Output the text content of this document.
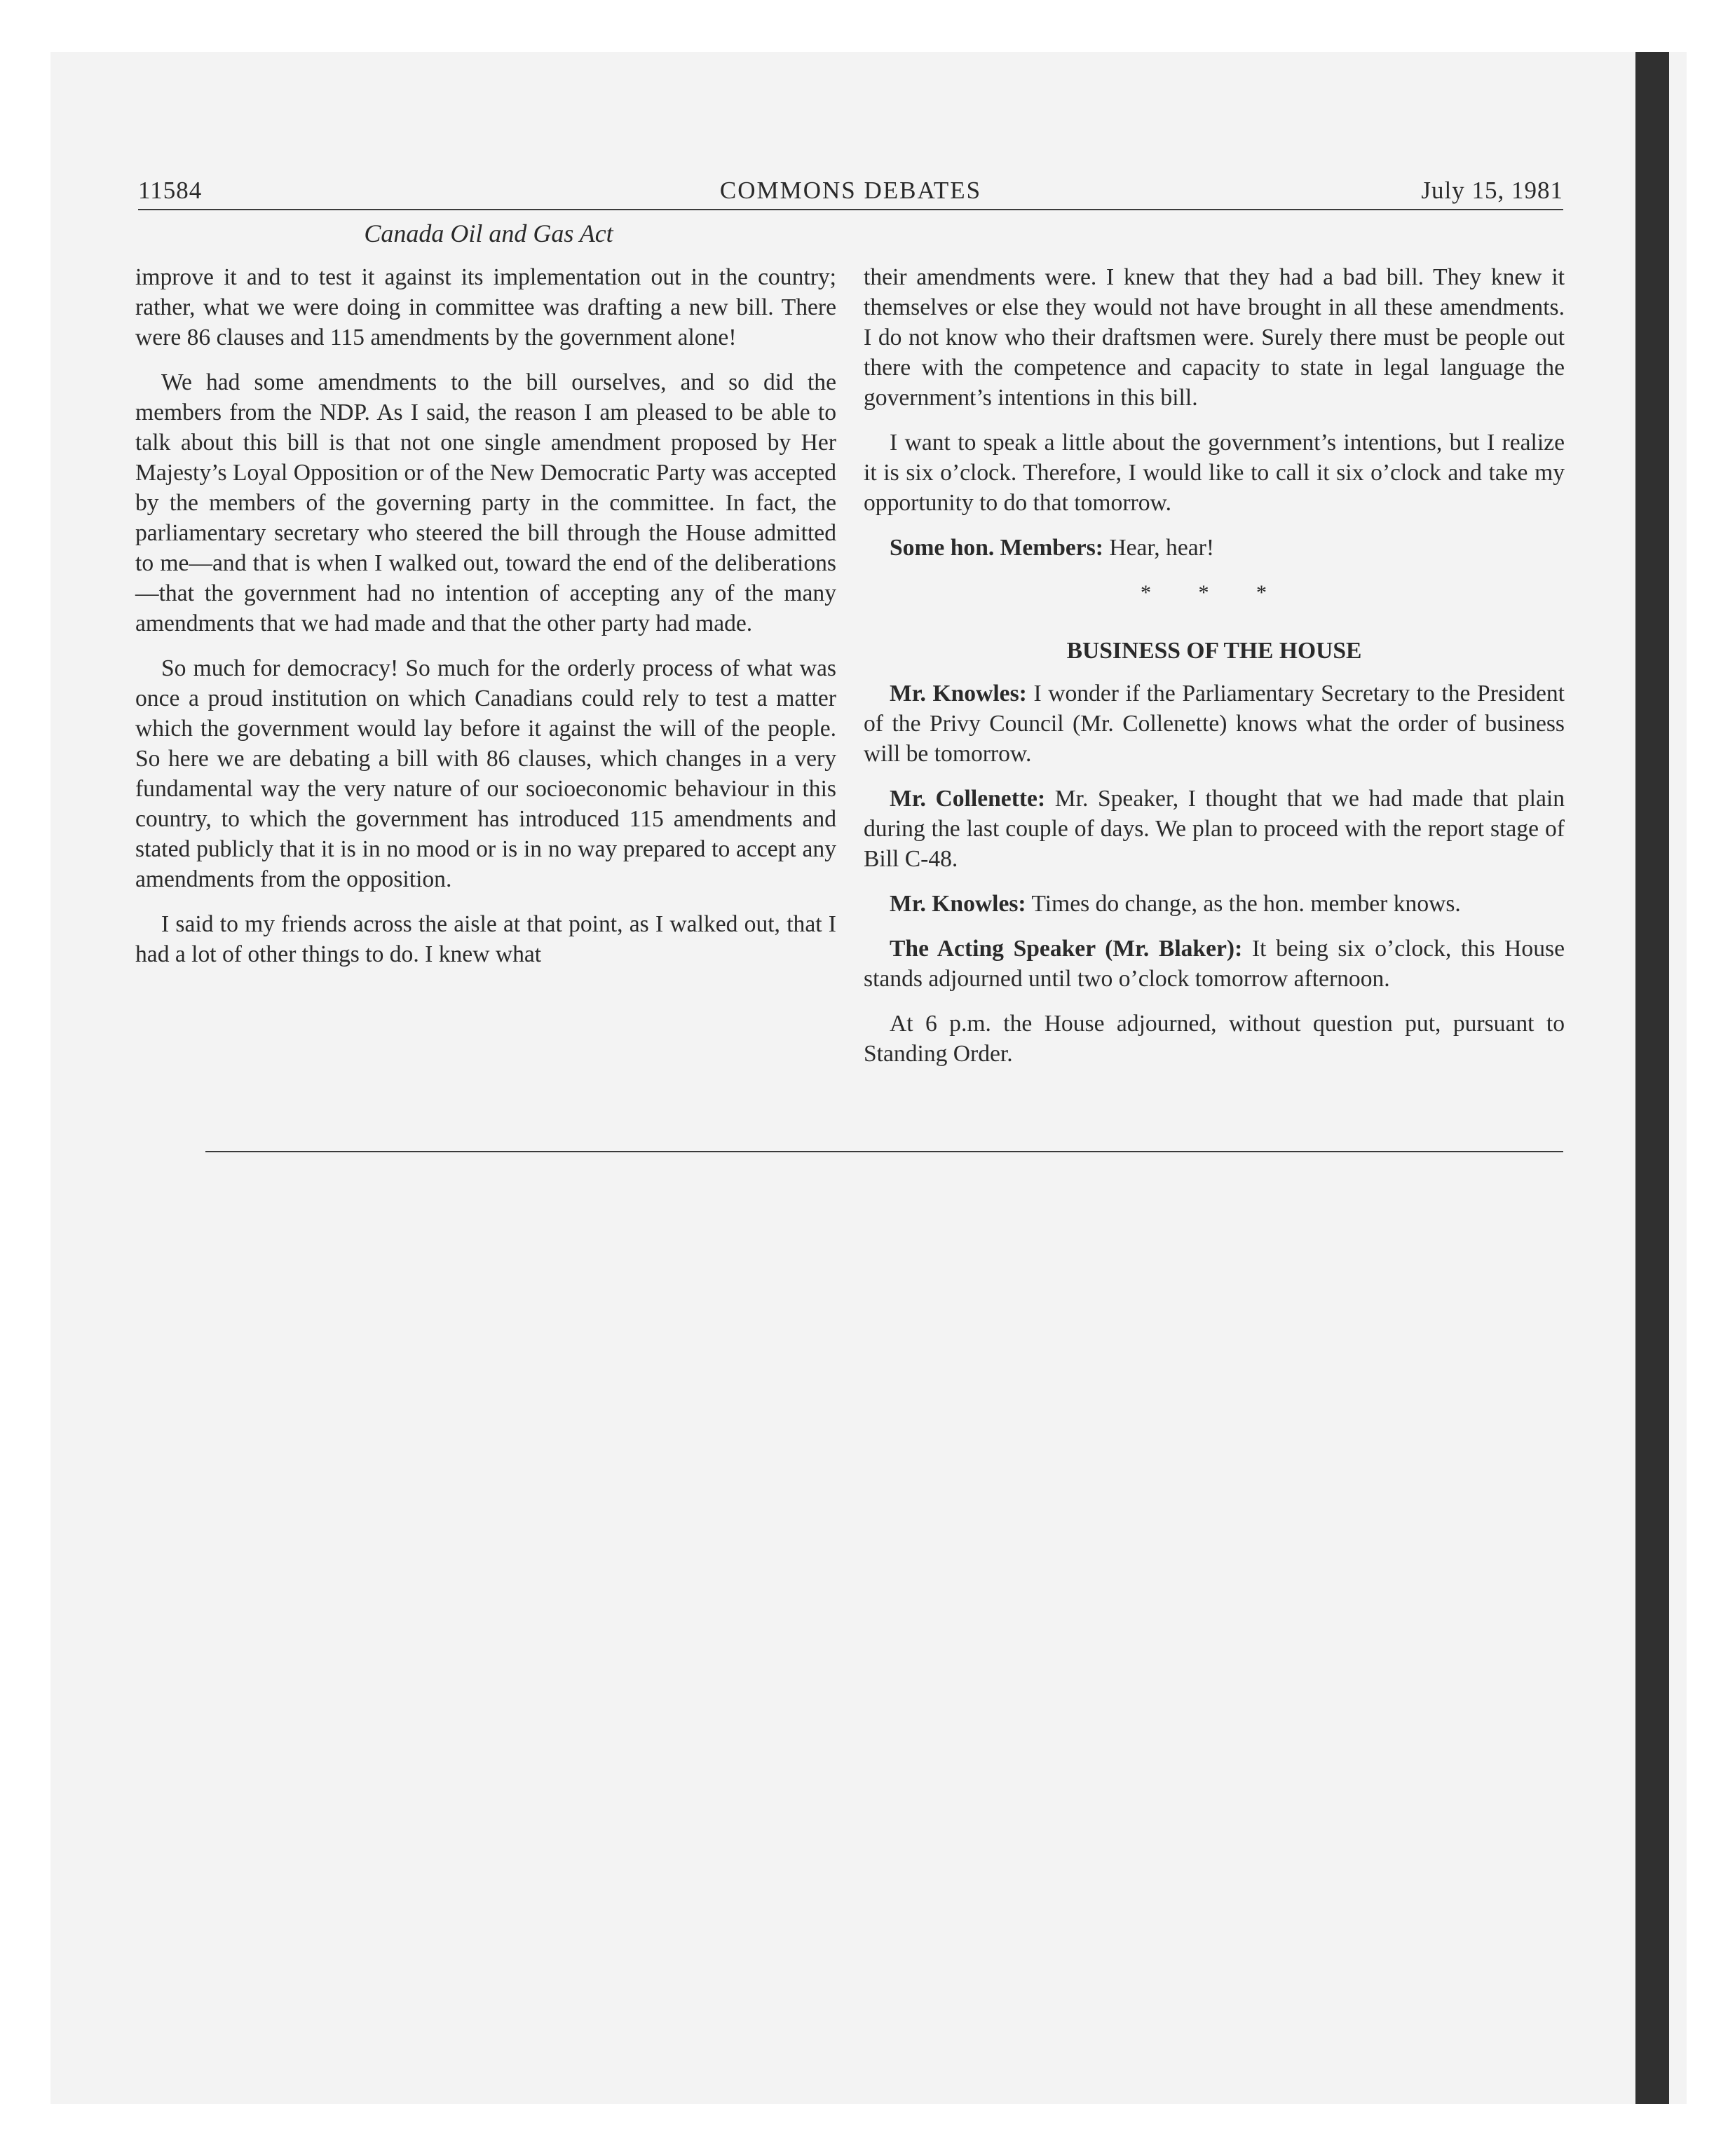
11584	COMMONS DEBATES	July 15, 1981
Canada Oil and Gas Act

improve it and to test it against its implementation out in the country; rather, what we were doing in committee was drafting a new bill. There were 86 clauses and 115 amendments by the government alone!

We had some amendments to the bill ourselves, and so did the members from the NDP. As I said, the reason I am pleased to be able to talk about this bill is that not one single amendment proposed by Her Majesty’s Loyal Opposition or of the New Democratic Party was accepted by the members of the governing party in the committee. In fact, the parliamentary secretary who steered the bill through the House admitted to me—and that is when I walked out, toward the end of the deliberations—that the government had no intention of accepting any of the many amendments that we had made and that the other party had made.

So much for democracy! So much for the orderly process of what was once a proud institution on which Canadians could rely to test a matter which the government would lay before it against the will of the people. So here we are debating a bill with 86 clauses, which changes in a very fundamental way the very nature of our socioeconomic behaviour in this country, to which the government has introduced 115 amendments and stated publicly that it is in no mood or is in no way prepared to accept any amendments from the opposition.

I said to my friends across the aisle at that point, as I walked out, that I had a lot of other things to do. I knew what

their amendments were. I knew that they had a bad bill. They knew it themselves or else they would not have brought in all these amendments. I do not know who their draftsmen were. Surely there must be people out there with the competence and capacity to state in legal language the government’s intentions in this bill.

I want to speak a little about the government’s intentions, but I realize it is six o’clock. Therefore, I would like to call it six o’clock and take my opportunity to do that tomorrow.

Some hon. Members: Hear, hear!

* * *
BUSINESS OF THE HOUSE

Mr. Knowles: I wonder if the Parliamentary Secretary to the President of the Privy Council (Mr. Collenette) knows what the order of business will be tomorrow.

Mr. Collenette: Mr. Speaker, I thought that we had made that plain during the last couple of days. We plan to proceed with the report stage of Bill C-48.

Mr. Knowles: Times do change, as the hon. member knows.

The Acting Speaker (Mr. Blaker): It being six o’clock, this House stands adjourned until two o’clock tomorrow afternoon.

At 6 p.m. the House adjourned, without question put, pursuant to Standing Order.
